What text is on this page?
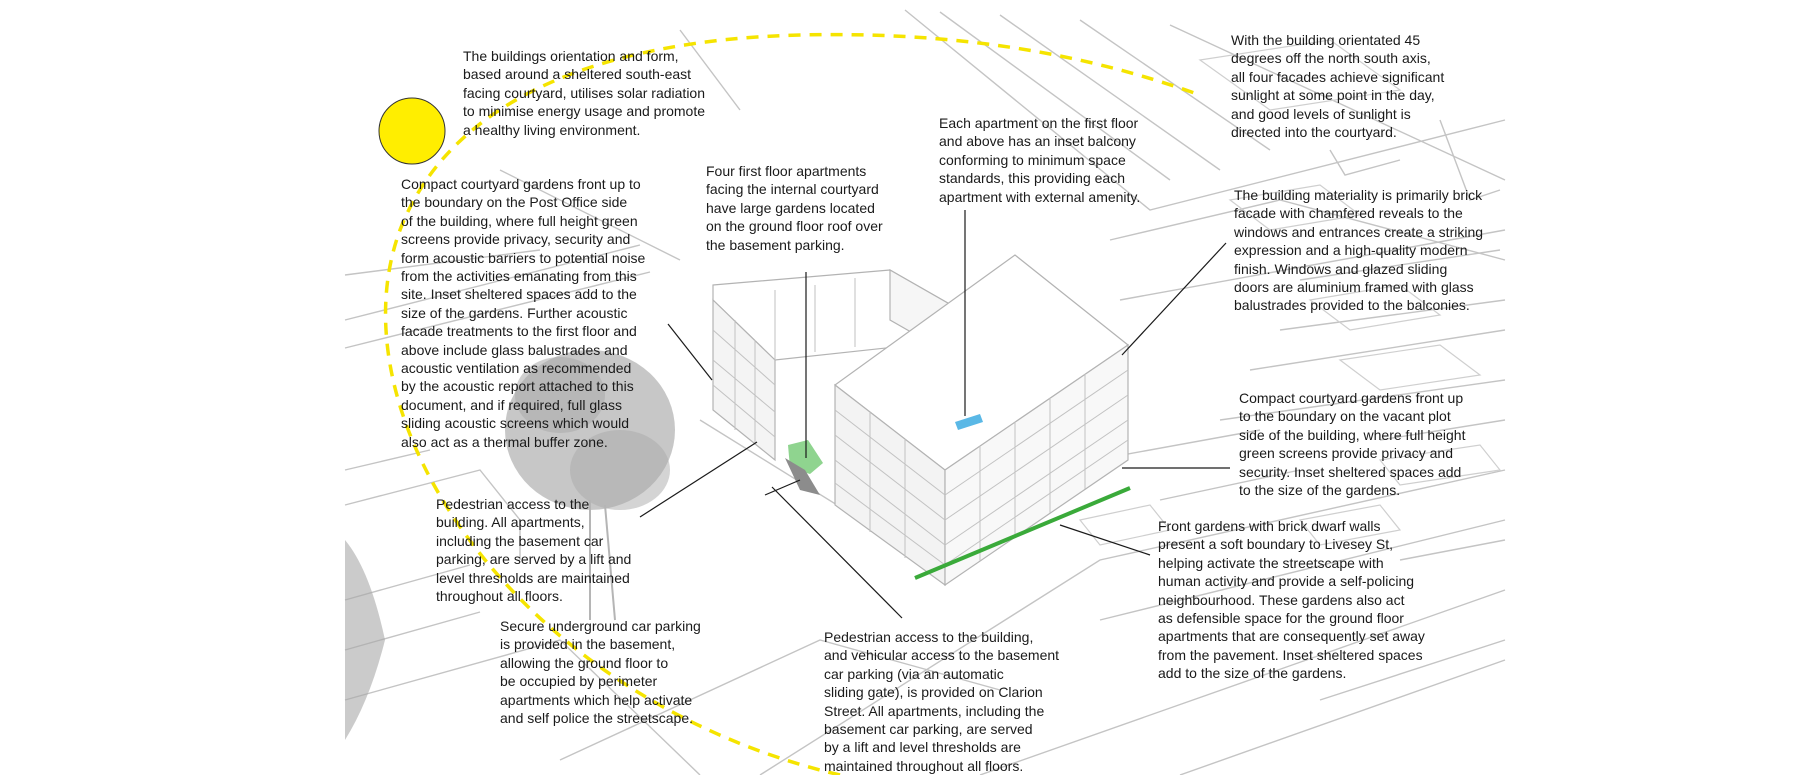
The buildings orientation and form,
based around a sheltered south-east
facing courtyard, utilises solar radiation
to minimise energy usage and promote
a healthy living environment.
Compact courtyard gardens front up to
the boundary on the Post Office side
of the building, where full height green
screens provide privacy, security and
form acoustic barriers to potential noise
from the activities emanating from this
site. Inset sheltered spaces add to the
size of the gardens. Further acoustic
facade treatments to the first floor and
above include glass balustrades and
acoustic ventilation as recommended
by the acoustic report attached to this
document, and if required, full glass
sliding acoustic screens which would
also act as a thermal buffer zone.
Four first floor apartments
facing the internal courtyard
have large gardens located
on the ground floor roof over
the basement parking.
Each apartment on the first floor
and above has an inset balcony
conforming to minimum space
standards, this providing each
apartment with external amenity.
With the building orientated 45
degrees off the north south axis,
all four facades achieve significant
sunlight at some point in the day,
and good levels of sunlight is
directed into the courtyard.
The building materiality is primarily brick
facade with chamfered reveals to the
windows and entrances create a striking
expression and a high-quality modern
finish. Windows and glazed sliding
doors are aluminium framed with glass
balustrades provided to the balconies.
Compact courtyard gardens front up
to the boundary on the vacant plot
side of the building, where full height
green screens provide privacy and
security. Inset sheltered spaces add
to the size of the gardens.
Front gardens with brick dwarf walls
present a soft boundary to Livesey St,
helping activate the streetscape with
human activity and provide a self-policing
neighbourhood. These gardens also act
as defensible space for the ground floor
apartments that are consequently set away
from the pavement. Inset sheltered spaces
add to the size of the gardens.
Pedestrian access to the
building. All apartments,
including the basement car
parking, are served by a lift and
level thresholds are maintained
throughout all floors.
Secure underground car parking
is provided in the basement,
allowing the ground floor to
be occupied by perimeter
apartments which help activate
and self police the streetscape.
Pedestrian access to the building,
and vehicular access to the basement
car parking (via an automatic
sliding gate), is provided on Clarion
Street. All apartments, including the
basement car parking, are served
by a lift and level thresholds are
maintained throughout all floors.
